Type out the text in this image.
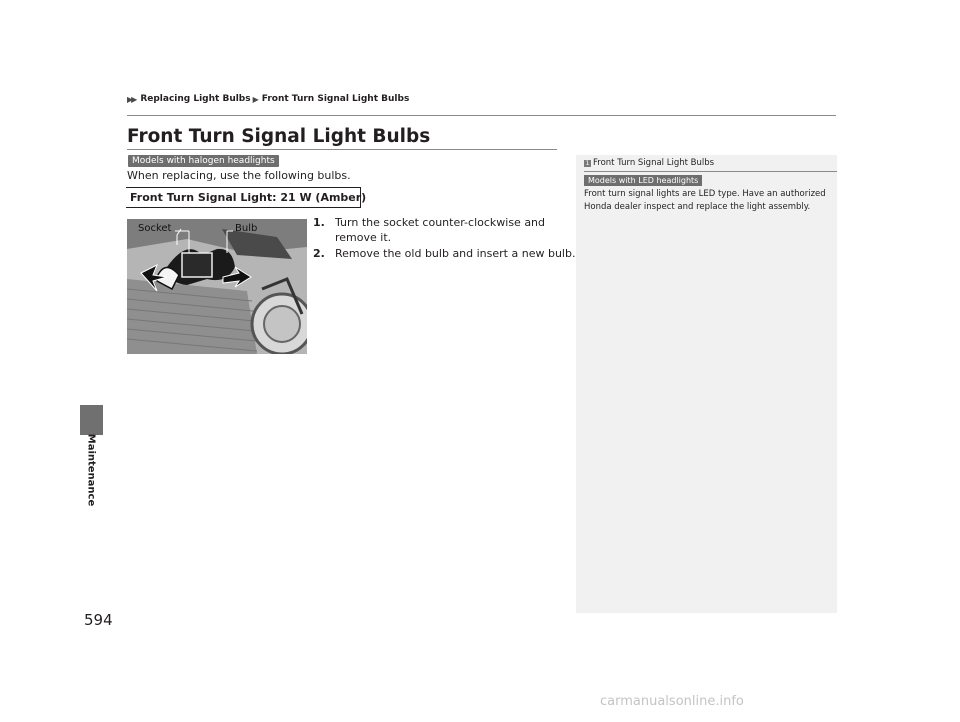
▶▶ Replacing Light Bulbs ▶ Front Turn Signal Light Bulbs
Front Turn Signal Light Bulbs
Maintenance
Models with halogen headlights
When replacing, use the following bulbs.
Front Turn Signal Light: 21 W (Amber)
Socket	Bulb	1. Turn the socket counter-clockwise and remove it.
2. Remove the old bulb and insert a new bulb.
1 Front Turn Signal Light Bulbs
Models with LED headlights
Front turn signal lights are LED type. Have an authorized Honda dealer inspect and replace the light assembly.
594
carmanualsonline.info
